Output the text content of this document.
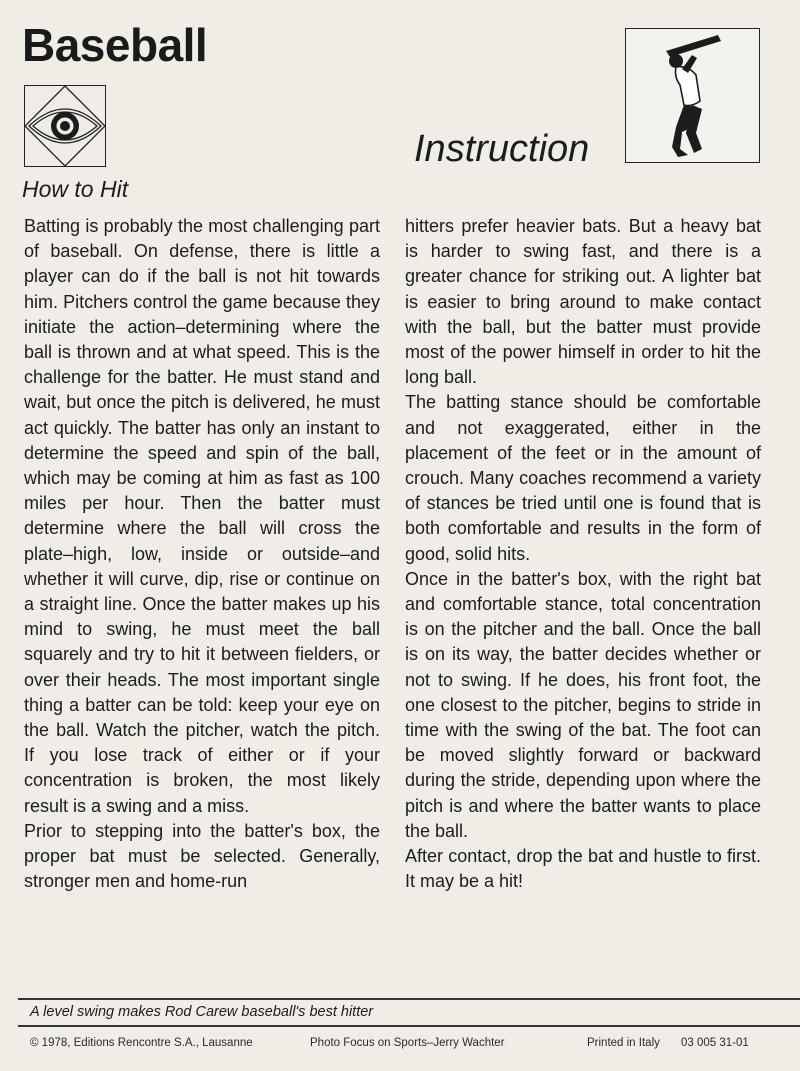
Baseball
Instruction
How to Hit

Batting is probably the most challenging part of baseball. On defense, there is little a player can do if the ball is not hit towards him. Pitchers control the game because they initiate the action–determining where the ball is thrown and at what speed. This is the challenge for the batter. He must stand and wait, but once the pitch is delivered, he must act quickly. The batter has only an instant to determine the speed and spin of the ball, which may be coming at him as fast as 100 miles per hour. Then the batter must determine where the ball will cross the plate–high, low, inside or outside–and whether it will curve, dip, rise or continue on a straight line. Once the batter makes up his mind to swing, he must meet the ball squarely and try to hit it between fielders, or over their heads. The most important single thing a batter can be told: keep your eye on the ball. Watch the pitcher, watch the pitch. If you lose track of either or if your concentration is broken, the most likely result is a swing and a miss.

Prior to stepping into the batter's box, the proper bat must be selected. Generally, stronger men and home-run

hitters prefer heavier bats. But a heavy bat is harder to swing fast, and there is a greater chance for striking out. A lighter bat is easier to bring around to make contact with the ball, but the batter must provide most of the power himself in order to hit the long ball.

The batting stance should be comfortable and not exaggerated, either in the placement of the feet or in the amount of crouch. Many coaches recommend a variety of stances be tried until one is found that is both comfortable and results in the form of good, solid hits.

Once in the batter's box, with the right bat and comfortable stance, total concentration is on the pitcher and the ball. Once the ball is on its way, the batter decides whether or not to swing. If he does, his front foot, the one closest to the pitcher, begins to stride in time with the swing of the bat. The foot can be moved slightly forward or backward during the stride, depending upon where the pitch is and where the batter wants to place the ball.

After contact, drop the bat and hustle to first. It may be a hit!

A level swing makes Rod Carew baseball's best hitter
© 1978, Editions Rencontre S.A., Lausanne	Photo Focus on Sports–Jerry Wachter	Printed in Italy 03 005 31-01
